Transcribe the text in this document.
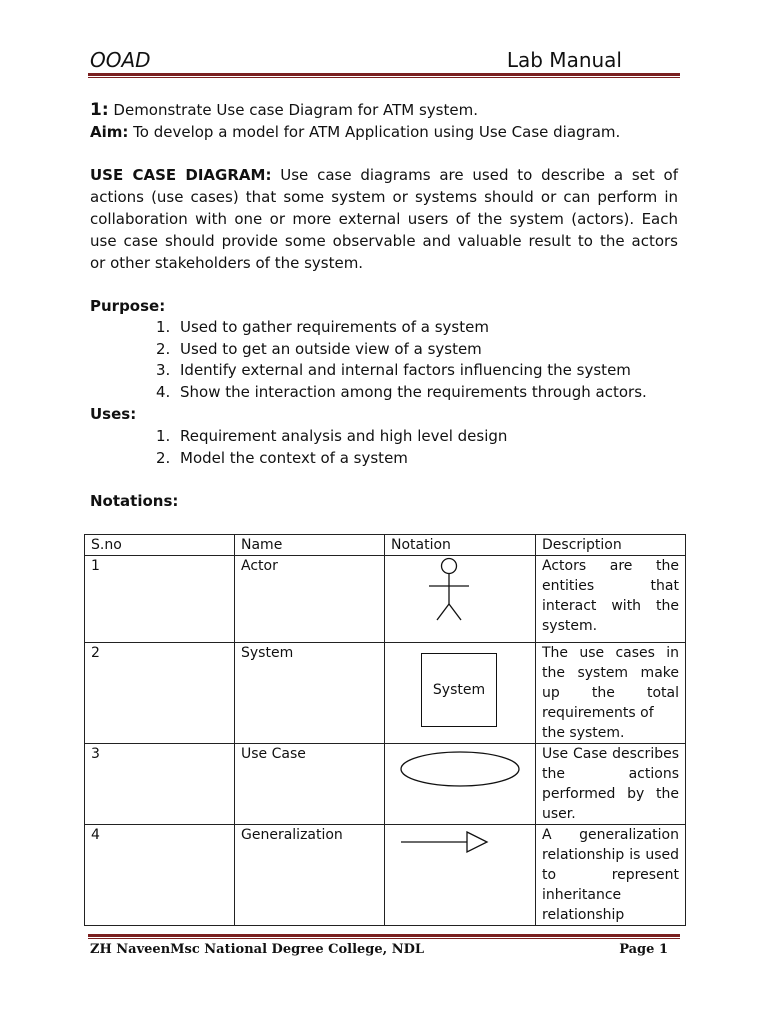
OOAD	Lab Manual
1: Demonstrate Use case Diagram for ATM system.
Aim: To develop a model for ATM Application using Use Case diagram.
USE CASE DIAGRAM: Use case diagrams are used to describe a set of
actions (use cases) that some system or systems should or can perform in
collaboration with one or more external users of the system (actors). Each
use case should provide some observable and valuable result to the actors
or other stakeholders of the system.
Purpose:
1. Used to gather requirements of a system
2. Used to get an outside view of a system
3. Identify external and internal factors influencing the system
4. Show the interaction among the requirements through actors.
Uses:
1. Requirement analysis and high level design
2. Model the context of a system
Notations:
S.no	Name	Notation	Description
1	Actor		Actors are the
entities that
interact with the
system.

2	System	System	The use cases in
the system make
up the total
requirements of
the system.

3	Use Case		Use Case describes
the actions
performed by the
user.

4	Generalization		A generalization
relationship is used
to represent
inheritance
relationship
ZH NaveenMsc National Degree College, NDL	Page 1
